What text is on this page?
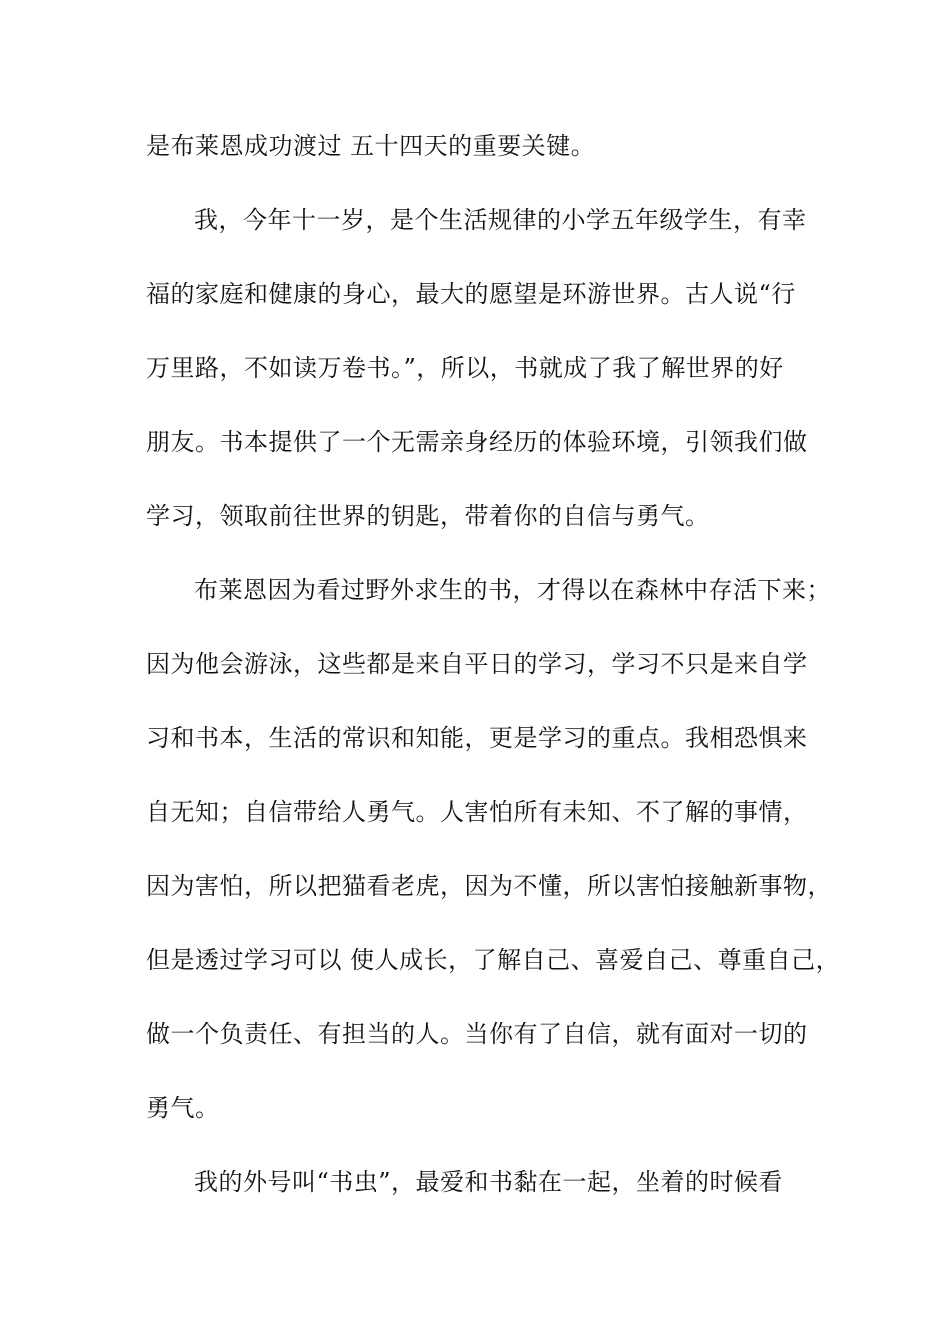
是布莱恩成功渡过 五十四天的重要关键。
我，今年十一岁，是个生活规律的小学五年级学生，有幸
福的家庭和健康的身心，最大的愿望是环游世界。古人说“行
万里路，不如读万卷书。”，所以，书就成了我了解世界的好
朋友。书本提供了一个无需亲身经历的体验环境，引领我们做
学习，领取前往世界的钥匙，带着你的自信与勇气。
布莱恩因为看过野外求生的书，才得以在森林中存活下来；
因为他会游泳，这些都是来自平日的学习，学习不只是来自学
习和书本，生活的常识和知能，更是学习的重点。我相恐惧来
自无知；自信带给人勇气。人害怕所有未知、不了解的事情，
因为害怕，所以把猫看老虎，因为不懂，所以害怕接触新事物，
但是透过学习可以 使人成长，了解自己、喜爱自己、尊重自己，
做一个负责任、有担当的人。当你有了自信，就有面对一切的
勇气。
我的外号叫“书虫”，最爱和书黏在一起，坐着的时候看
